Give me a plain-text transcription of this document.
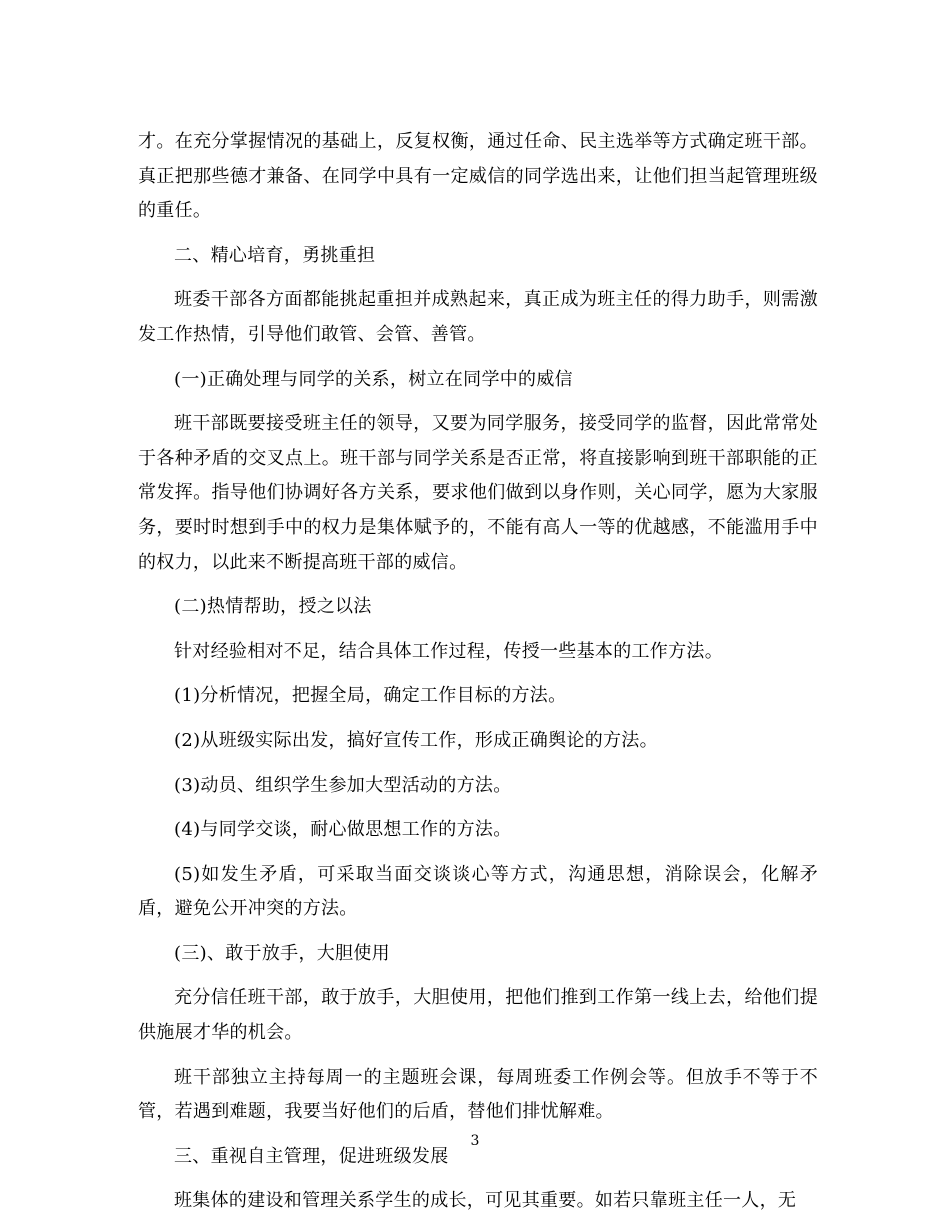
才。在充分掌握情况的基础上，反复权衡，通过任命、民主选举等方式确定班干部。真正把那些德才兼备、在同学中具有一定威信的同学选出来，让他们担当起管理班级的重任。

二、精心培育，勇挑重担

班委干部各方面都能挑起重担并成熟起来，真正成为班主任的得力助手，则需激发工作热情，引导他们敢管、会管、善管。

(一)正确处理与同学的关系，树立在同学中的威信

班干部既要接受班主任的领导，又要为同学服务，接受同学的监督，因此常常处于各种矛盾的交叉点上。班干部与同学关系是否正常，将直接影响到班干部职能的正常发挥。指导他们协调好各方关系，要求他们做到以身作则，关心同学，愿为大家服务，要时时想到手中的权力是集体赋予的，不能有高人一等的优越感，不能滥用手中的权力，以此来不断提高班干部的威信。

(二)热情帮助，授之以法

针对经验相对不足，结合具体工作过程，传授一些基本的工作方法。

(1)分析情况，把握全局，确定工作目标的方法。

(2)从班级实际出发，搞好宣传工作，形成正确舆论的方法。

(3)动员、组织学生参加大型活动的方法。

(4)与同学交谈，耐心做思想工作的方法。

(5)如发生矛盾，可采取当面交谈谈心等方式，沟通思想，消除误会，化解矛盾，避免公开冲突的方法。

(三)、敢于放手，大胆使用

充分信任班干部，敢于放手，大胆使用，把他们推到工作第一线上去，给他们提供施展才华的机会。

班干部独立主持每周一的主题班会课，每周班委工作例会等。但放手不等于不管，若遇到难题，我要当好他们的后盾，替他们排忧解难。

三、重视自主管理，促进班级发展

班集体的建设和管理关系学生的成长，可见其重要。如若只靠班主任一人，无

3
